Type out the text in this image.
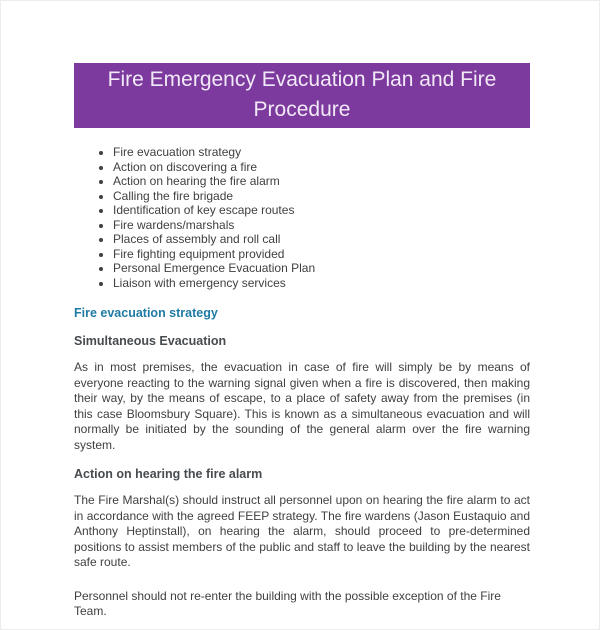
Fire Emergency Evacuation Plan and Fire Procedure
• Fire evacuation strategy
• Action on discovering a fire
• Action on hearing the fire alarm
• Calling the fire brigade
• Identification of key escape routes
• Fire wardens/marshals
• Places of assembly and roll call
• Fire fighting equipment provided
• Personal Emergence Evacuation Plan
• Liaison with emergency services
Fire evacuation strategy
Simultaneous Evacuation

As in most premises, the evacuation in case of fire will simply be by means of everyone reacting to the warning signal given when a fire is discovered, then making their way, by the means of escape, to a place of safety away from the premises (in this case Bloomsbury Square). This is known as a simultaneous evacuation and will normally be initiated by the sounding of the general alarm over the fire warning system.

Action on hearing the fire alarm

The Fire Marshal(s) should instruct all personnel upon on hearing the fire alarm to act in accordance with the agreed FEEP strategy. The fire wardens (Jason Eustaquio and Anthony Heptinstall), on hearing the alarm, should proceed to pre-determined positions to assist members of the public and staff to leave the building by the nearest safe route.

Personnel should not re-enter the building with the possible exception of the Fire Team.
